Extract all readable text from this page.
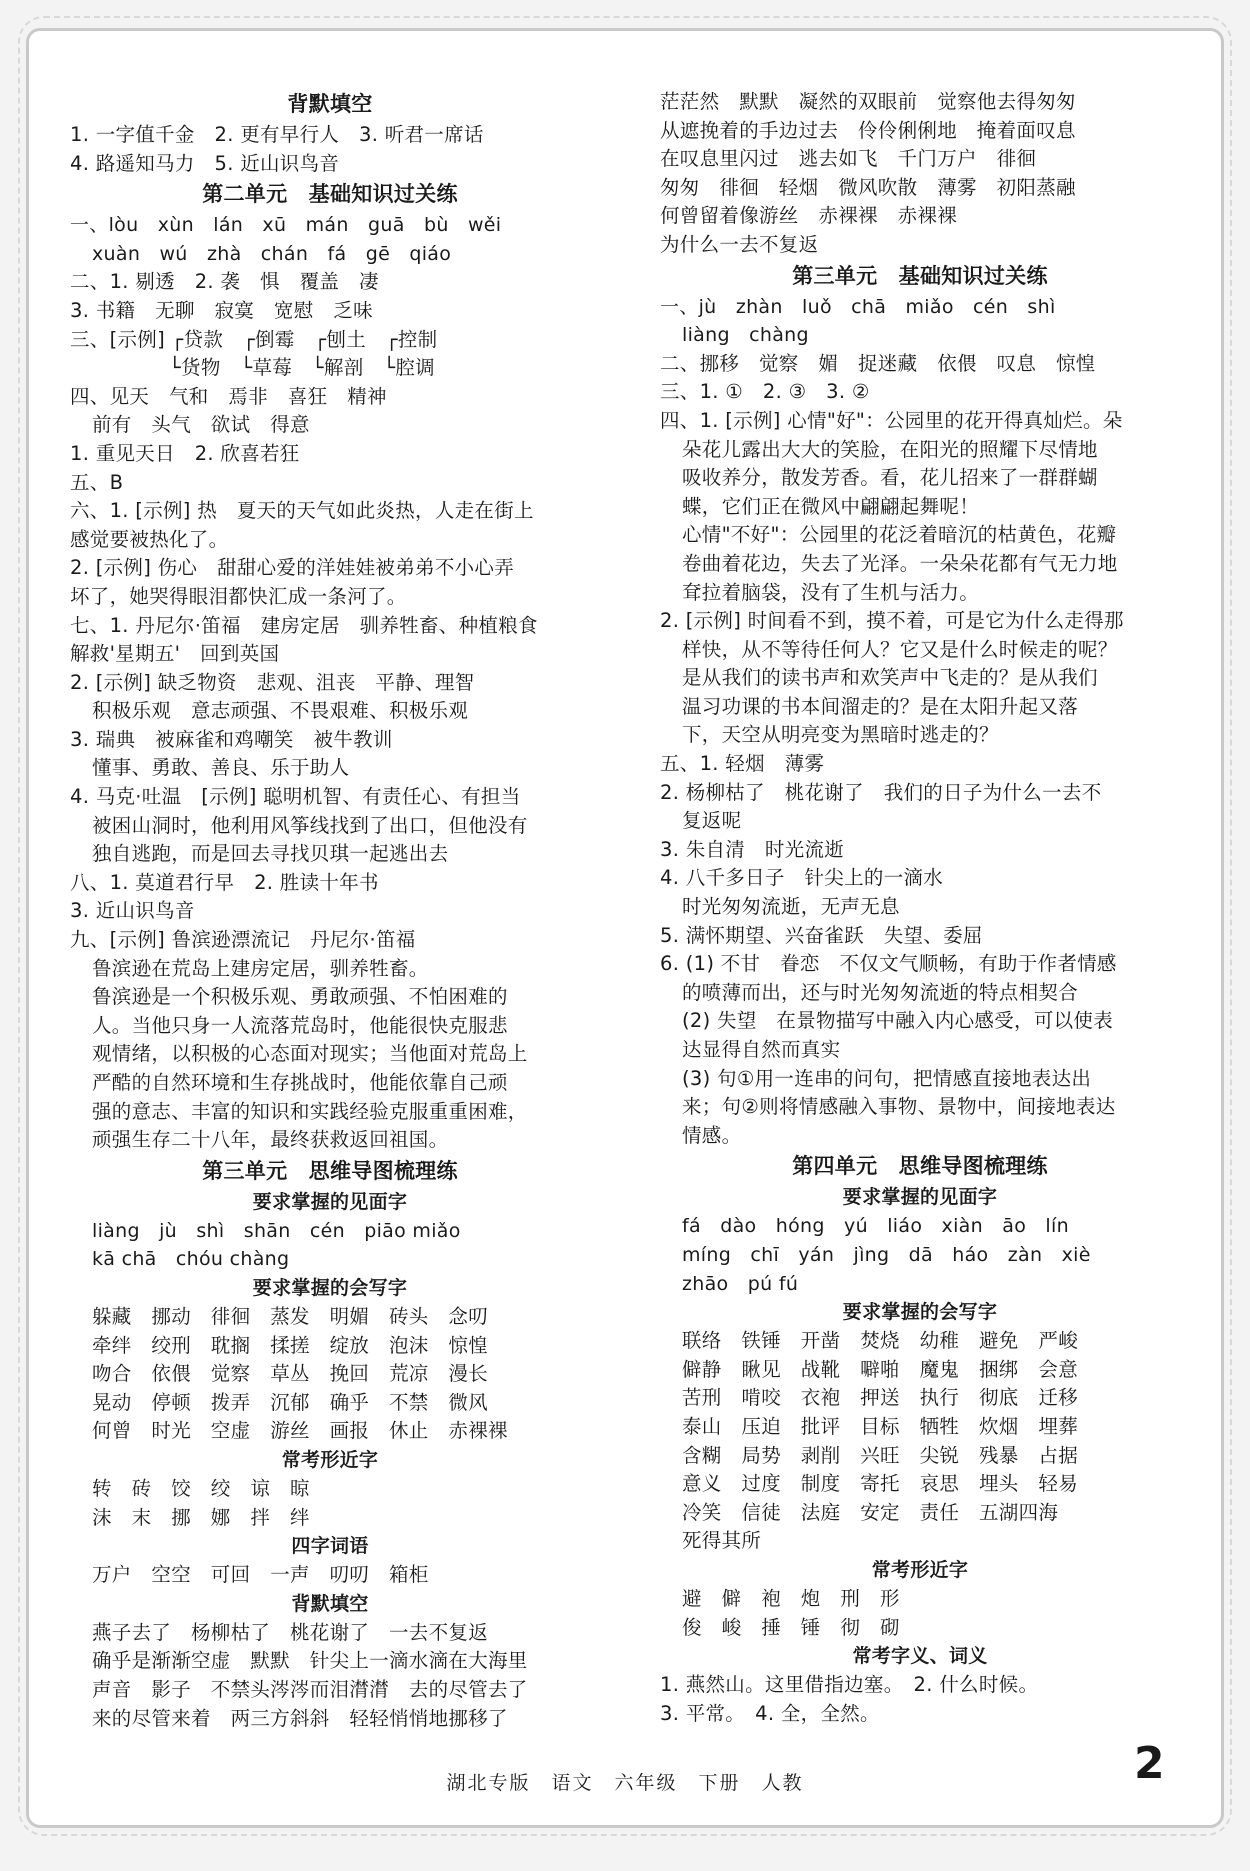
背默填空
1. 一字值千金　2. 更有早行人　3. 听君一席话
4. 路遥知马力　5. 近山识鸟音
第二单元　基础知识过关练
一、lòu　xùn　lán　xū　mán　guā　bù　wěi
xuàn　wú　zhà　chán　fá　gē　qiáo
二、1. 剔透　2. 袭　惧　覆盖　凄
3. 书籍　无聊　寂寞　宽慰　乏味
三、[示例] ┌贷款　┌倒霉　┌刨土　┌控制
　　　　　└货物　└草莓　└解剖　└腔调
四、见天　气和　焉非　喜狂　精神
前有　头气　欲试　得意
1. 重见天日　2. 欣喜若狂
五、B
六、1. [示例] 热　夏天的天气如此炎热，人走在街上
感觉要被热化了。
2. [示例] 伤心　甜甜心爱的洋娃娃被弟弟不小心弄
坏了，她哭得眼泪都快汇成一条河了。
七、1. 丹尼尔·笛福　建房定居　驯养牲畜、种植粮食
解救'星期五'　回到英国
2. [示例] 缺乏物资　悲观、沮丧　平静、理智
积极乐观　意志顽强、不畏艰难、积极乐观
3. 瑞典　被麻雀和鸡嘲笑　被牛教训
懂事、勇敢、善良、乐于助人
4. 马克·吐温　[示例] 聪明机智、有责任心、有担当
被困山洞时，他利用风筝线找到了出口，但他没有
独自逃跑，而是回去寻找贝琪一起逃出去
八、1. 莫道君行早　2. 胜读十年书
3. 近山识鸟音
九、[示例] 鲁滨逊漂流记　丹尼尔·笛福
鲁滨逊在荒岛上建房定居，驯养牲畜。
鲁滨逊是一个积极乐观、勇敢顽强、不怕困难的
人。当他只身一人流落荒岛时，他能很快克服悲
观情绪，以积极的心态面对现实；当他面对荒岛上
严酷的自然环境和生存挑战时，他能依靠自己顽
强的意志、丰富的知识和实践经验克服重重困难，
顽强生存二十八年，最终获救返回祖国。
第三单元　思维导图梳理练
要求掌握的见面字
liàng　jù　shì　shān　cén　piāo miǎo
kā chā　chóu chàng
要求掌握的会写字
躲藏　挪动　徘徊　蒸发　明媚　砖头　念叨
牵绊　绞刑　耽搁　揉搓　绽放　泡沫　惊惶
吻合　依偎　觉察　草丛　挽回　荒凉　漫长
晃动　停顿　拨弄　沉郁　确乎　不禁　微风
何曾　时光　空虚　游丝　画报　休止　赤裸裸
常考形近字
转　砖　饺　绞　谅　晾
沫　末　挪　娜　拌　绊
四字词语
万户　空空　可回　一声　叨叨　箱柜
背默填空
燕子去了　杨柳枯了　桃花谢了　一去不复返
确乎是渐渐空虚　默默　针尖上一滴水滴在大海里
声音　影子　不禁头涔涔而泪潸潸　去的尽管去了
来的尽管来着　两三方斜斜　轻轻悄悄地挪移了
茫茫然　默默　凝然的双眼前　觉察他去得匆匆
从遮挽着的手边过去　伶伶俐俐地　掩着面叹息
在叹息里闪过　逃去如飞　千门万户　徘徊
匆匆　徘徊　轻烟　微风吹散　薄雾　初阳蒸融
何曾留着像游丝　赤裸裸　赤裸裸
为什么一去不复返
第三单元　基础知识过关练
一、jù　zhàn　luǒ　chā　miǎo　cén　shì
liàng　chàng
二、挪移　觉察　媚　捉迷藏　依偎　叹息　惊惶
三、1. ①　2. ③　3. ②
四、1. [示例] 心情"好"：公园里的花开得真灿烂。朵
朵花儿露出大大的笑脸，在阳光的照耀下尽情地
吸收养分，散发芳香。看，花儿招来了一群群蝴
蝶，它们正在微风中翩翩起舞呢！
心情"不好"：公园里的花泛着暗沉的枯黄色，花瓣
卷曲着花边，失去了光泽。一朵朵花都有气无力地
耷拉着脑袋，没有了生机与活力。
2. [示例] 时间看不到，摸不着，可是它为什么走得那
样快，从不等待任何人？它又是什么时候走的呢？
是从我们的读书声和欢笑声中飞走的？是从我们
温习功课的书本间溜走的？是在太阳升起又落
下，天空从明亮变为黑暗时逃走的？
五、1. 轻烟　薄雾
2. 杨柳枯了　桃花谢了　我们的日子为什么一去不
复返呢
3. 朱自清　时光流逝
4. 八千多日子　针尖上的一滴水
时光匆匆流逝，无声无息
5. 满怀期望、兴奋雀跃　失望、委屈
6. (1) 不甘　眷恋　不仅文气顺畅，有助于作者情感
的喷薄而出，还与时光匆匆流逝的特点相契合
(2) 失望　在景物描写中融入内心感受，可以使表
达显得自然而真实
(3) 句①用一连串的问句，把情感直接地表达出
来；句②则将情感融入事物、景物中，间接地表达
情感。
第四单元　思维导图梳理练
要求掌握的见面字
fá　dào　hóng　yú　liáo　xiàn　āo　lín
míng　chī　yán　jìng　dā　háo　zàn　xiè
zhāo　pú fú
要求掌握的会写字
联络　铁锤　开凿　焚烧　幼稚　避免　严峻
僻静　瞅见　战靴　噼啪　魔鬼　捆绑　会意
苦刑　啃咬　衣袍　押送　执行　彻底　迁移
泰山　压迫　批评　目标　牺牲　炊烟　埋葬
含糊　局势　剥削　兴旺　尖锐　残暴　占据
意义　过度　制度　寄托　哀思　埋头　轻易
冷笑　信徒　法庭　安定　责任　五湖四海
死得其所
常考形近字
避　僻　袍　炮　刑　形
俊　峻　捶　锤　彻　砌
常考字义、词义
1. 燕然山。这里借指边塞。　2. 什么时候。
3. 平常。　4. 全，全然。
湖北专版　语文　六年级　下册　人教	2
